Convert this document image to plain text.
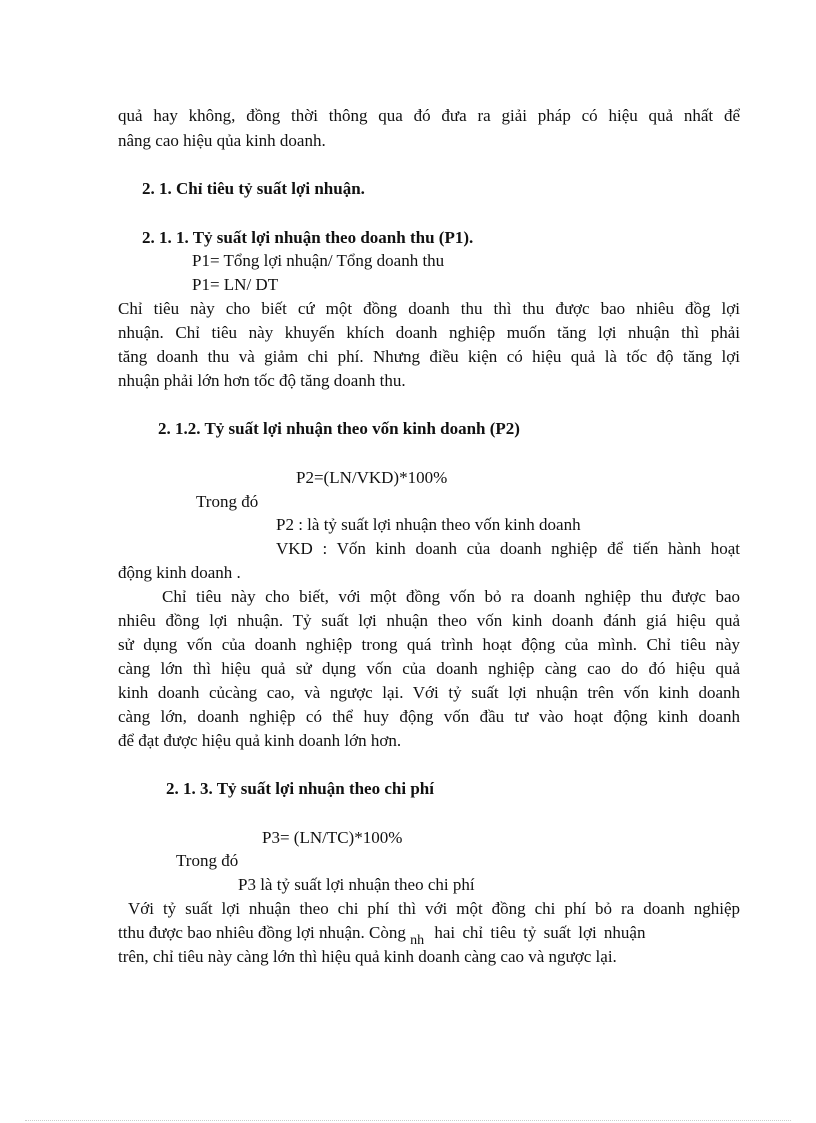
quả hay không, đồng thời thông qua đó đưa ra giải pháp có hiệu quả nhất để

nâng cao hiệu qủa kinh doanh.

2. 1. Chỉ tiêu tỷ suất lợi nhuận.

2. 1. 1. Tỷ suất lợi nhuận theo doanh thu (P1).

P1= Tổng lợi nhuận/ Tổng doanh thu

P1= LN/ DT

Chỉ tiêu này cho biết cứ một đồng doanh thu thì thu được bao nhiêu đồg lợi

nhuận. Chỉ tiêu này khuyến khích doanh nghiệp muốn tăng lợi nhuận thì phải

tăng doanh thu và giảm chi phí. Nhưng điều kiện có hiệu quả là tốc độ tăng lợi

nhuận phải lớn hơn tốc độ tăng doanh thu.

2. 1.2. Tỷ suất lợi nhuận theo vốn kinh doanh (P2)

P2=(LN/VKD)*100%

Trong đó

P2 : là tỷ suất lợi nhuận theo vốn kinh doanh

VKD : Vốn kinh doanh của doanh nghiệp để tiến hành hoạt

động kinh doanh .

Chỉ tiêu này cho biết, với một đồng vốn bỏ ra doanh nghiệp thu được bao

nhiêu đồng lợi nhuận. Tỷ suất lợi nhuận theo vốn kinh doanh đánh giá hiệu quả

sử dụng vốn của doanh nghiệp trong quá trình hoạt động của mình. Chỉ tiêu này

càng lớn thì hiệu quả sử dụng vốn của doanh nghiệp càng cao do đó hiệu quả

kinh doanh củcàng cao, và ngược lại. Với tỷ suất lợi nhuận trên vốn kinh doanh

càng lớn, doanh nghiệp có thể huy động vốn đầu tư vào hoạt động kinh doanh

để đạt được hiệu quả kinh doanh lớn hơn.

2. 1. 3. Tỷ suất lợi nhuận theo chi phí

P3= (LN/TC)*100%

Trong đó

P3 là tỷ suất lợi nhuận theo chi phí

Với tỷ suất lợi nhuận theo chi phí thì với một đồng chi phí bỏ ra doanh nghiệp

tthu được bao nhiêu đồng lợi nhuận. Còng $_{nh}$ hai chỉ tiêu tỷ suất lợi nhuận

trên, chỉ tiêu này càng lớn thì hiệu quả kinh doanh càng cao và ngược lại.
